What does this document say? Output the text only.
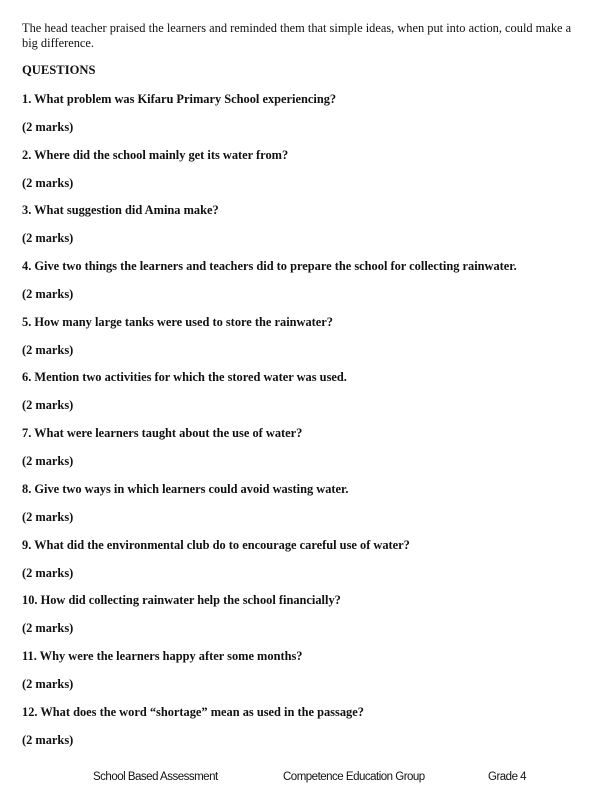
The head teacher praised the learners and reminded them that simple ideas, when put into action, could make a big difference.
QUESTIONS
1. What problem was Kifaru Primary School experiencing?
(2 marks)
2. Where did the school mainly get its water from?
(2 marks)
3. What suggestion did Amina make?
(2 marks)
4. Give two things the learners and teachers did to prepare the school for collecting rainwater.
(2 marks)
5. How many large tanks were used to store the rainwater?
(2 marks)
6. Mention two activities for which the stored water was used.
(2 marks)
7. What were learners taught about the use of water?
(2 marks)
8. Give two ways in which learners could avoid wasting water.
(2 marks)
9. What did the environmental club do to encourage careful use of water?
(2 marks)
10. How did collecting rainwater help the school financially?
(2 marks)
11. Why were the learners happy after some months?
(2 marks)
12. What does the word “shortage” mean as used in the passage?
(2 marks)
School Based Assessment	Competence Education Group	Grade 4
